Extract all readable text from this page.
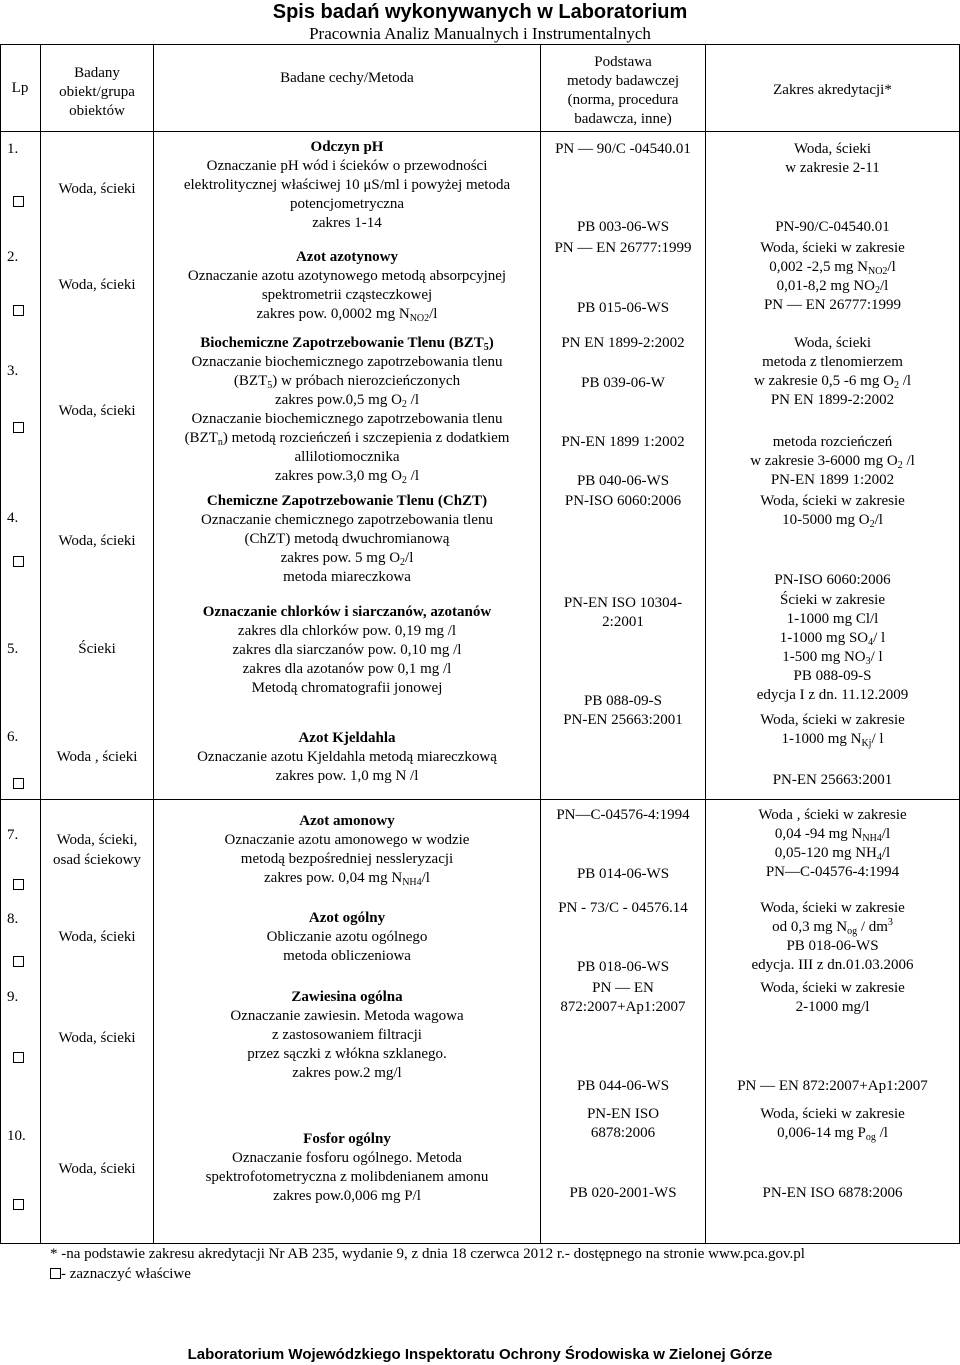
Spis badań wykonywanych w Laboratorium
Pracownia Analiz Manualnych i Instrumentalnych
Lp
Badany
obiekt/grupa
obiektów
Badane cechy/Metoda
Podstawa
metody badawczej
(norma, procedura
badawcza, inne)
Zakres akredytacji*
1.
2.
3.
4.
5.
6.
7.
8.
9.
10.
Woda, ścieki
Woda, ścieki
Woda, ścieki
Woda, ścieki
Ścieki
Woda , ścieki
Woda, ścieki,
osad ściekowy
Woda, ścieki
Woda, ścieki
Woda, ścieki
Odczyn pH
Oznaczanie pH wód i ścieków o przewodności
elektrolitycznej właściwej 10 μS/ml i powyżej metoda
potencjometryczna
zakres 1-14
Azot azotynowy
Oznaczanie azotu azotynowego metodą absorpcyjnej
spektrometrii cząsteczkowej
zakres pow. 0,0002 mg $N_{NO2}/l$
Biochemiczne Zapotrzebowanie Tlenu $(BZT_5)$
Oznaczanie biochemicznego zapotrzebowania tlenu
$(BZT_5)$ w próbach nierozcieńczonych
zakres pow.0,5 mg $O_2$ /l
Oznaczanie biochemicznego zapotrzebowania tlenu
$(BZT_n)$ metodą rozcieńczeń i szczepienia z dodatkiem
allilotiomocznika
zakres pow.3,0 mg $O_2$ /l
Chemiczne Zapotrzebowanie Tlenu (ChZT)
Oznaczanie chemicznego zapotrzebowania tlenu
(ChZT) metodą dwuchromianową
zakres pow. 5 mg $O_2/l$
metoda miareczkowa
Oznaczanie chlorków i siarczanów, azotanów
zakres dla chlorków pow. 0,19 mg /l
zakres dla siarczanów pow. 0,10 mg /l
zakres dla azotanów pow 0,1 mg /l
Metodą chromatografii jonowej
Azot Kjeldahla
Oznaczanie azotu Kjeldahla metodą miareczkową
zakres pow. 1,0 mg N /l
Azot amonowy
Oznaczanie azotu amonowego w wodzie
metodą bezpośredniej nessleryzacji
zakres pow. 0,04 mg $N_{NH4}/l$
Azot ogólny
Obliczanie azotu ogólnego
metoda obliczeniowa
Zawiesina ogólna
Oznaczanie zawiesin. Metoda wagowa
z zastosowaniem filtracji
przez sączki z włókna szklanego.
zakres pow.2 mg/l
Fosfor ogólny
Oznaczanie fosforu ogólnego. Metoda
spektrofotometryczna z molibdenianem amonu
zakres pow.0,006 mg P/l
PN — 90/C -04540.01
PB 003-06-WS
PN — EN 26777:1999
PB 015-06-WS
PN EN 1899-2:2002
PB 039-06-W
PN-EN 1899 1:2002
PB 040-06-WS
PN-ISO 6060:2006
PN-EN ISO 10304-
2:2001
PB 088-09-S
PN-EN 25663:2001
PN—C-04576-4:1994
PB 014-06-WS
PN - 73/C - 04576.14
PB 018-06-WS
PN — EN
872:2007+Ap1:2007
PB 044-06-WS
PN-EN ISO
6878:2006
PB 020-2001-WS
Woda, ścieki
w zakresie 2-11
PN-90/C-04540.01
Woda, ścieki w zakresie
0,002 -2,5 mg $N_{NO2}/l$
0,01-8,2 mg $NO_2/l$
PN — EN 26777:1999
Woda, ścieki
metoda z tlenomierzem
w zakresie 0,5 -6 mg $O_2$ /l
PN EN 1899-2:2002
metoda rozcieńczeń
w zakresie 3-6000 mg $O_2$ /l
PN-EN 1899 1:2002
Woda, ścieki w zakresie
10-5000 mg $O_2/l$
PN-ISO 6060:2006
Ścieki w zakresie
1-1000 mg Cl/l
1-1000 mg $SO_4/$ l
1-500 mg $NO_3/$ l
PB 088-09-S
edycja I z dn. 11.12.2009
Woda, ścieki w zakresie
1-1000 mg $N_{Kj}/$ l
PN-EN 25663:2001
Woda , ścieki w zakresie
0,04 -94 mg $N_{NH4}/l$
0,05-120 mg $NH_4/l$
PN—C-04576-4:1994
Woda, ścieki w zakresie
od 0,3 mg $N_{og} / dm^3$
PB 018-06-WS
edycja. III z dn.01.03.2006
Woda, ścieki w zakresie
2-1000 mg/l
PN — EN 872:2007+Ap1:2007
Woda, ścieki w zakresie
0,006-14 mg $P_{og}$ /l
PN-EN ISO 6878:2006
* -na podstawie zakresu akredytacji Nr AB 235, wydanie 9, z dnia 18 czerwca 2012 r.- dostępnego na stronie www.pca.gov.pl
- zaznaczyć właściwe
Laboratorium Wojewódzkiego Inspektoratu Ochrony Środowiska w Zielonej Górze
